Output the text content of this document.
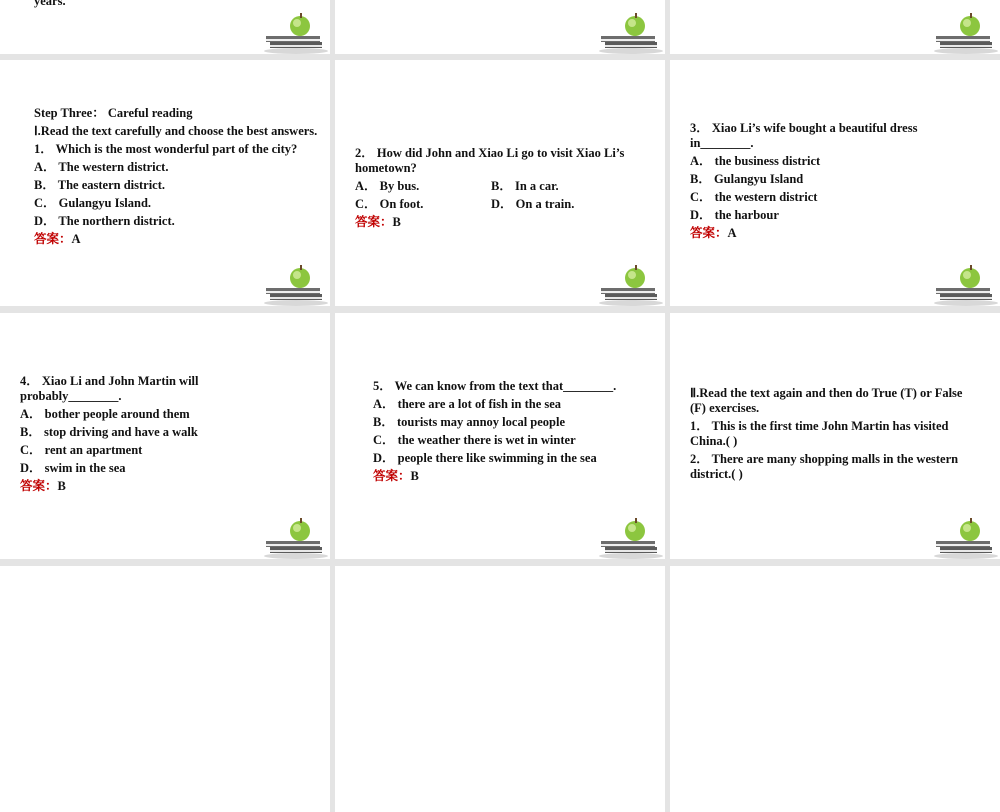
years.

Step Three： Careful reading

Ⅰ.Read the text carefully and choose the best answers.

1． Which is the most wonderful part of the city?

A． The western district.

B． The eastern district.

C． Gulangyu Island.

D． The northern district.

答案：A

2． How did John and Xiao Li go to visit Xiao Li’s hometown?

A． By bus.	B． In a car.

C． On foot.	D． On a train.

答案：B

3． Xiao Li’s wife bought a beautiful dress in________.

A． the business district

B． Gulangyu Island

C． the western district

D． the harbour

答案：A

4． Xiao Li and John Martin will probably________.

A． bother people around them

B． stop driving and have a walk

C． rent an apartment

D． swim in the sea

答案：B

5． We can know from the text that________.

A． there are a lot of fish in the sea

B． tourists may annoy local people

C． the weather there is wet in winter

D． people there like swimming in the sea

答案：B

Ⅱ.Read the text again and then do True (T) or False (F) exercises.

1． This is the first time John Martin has visited China.( )

2． There are many shopping malls in the western district.( )
